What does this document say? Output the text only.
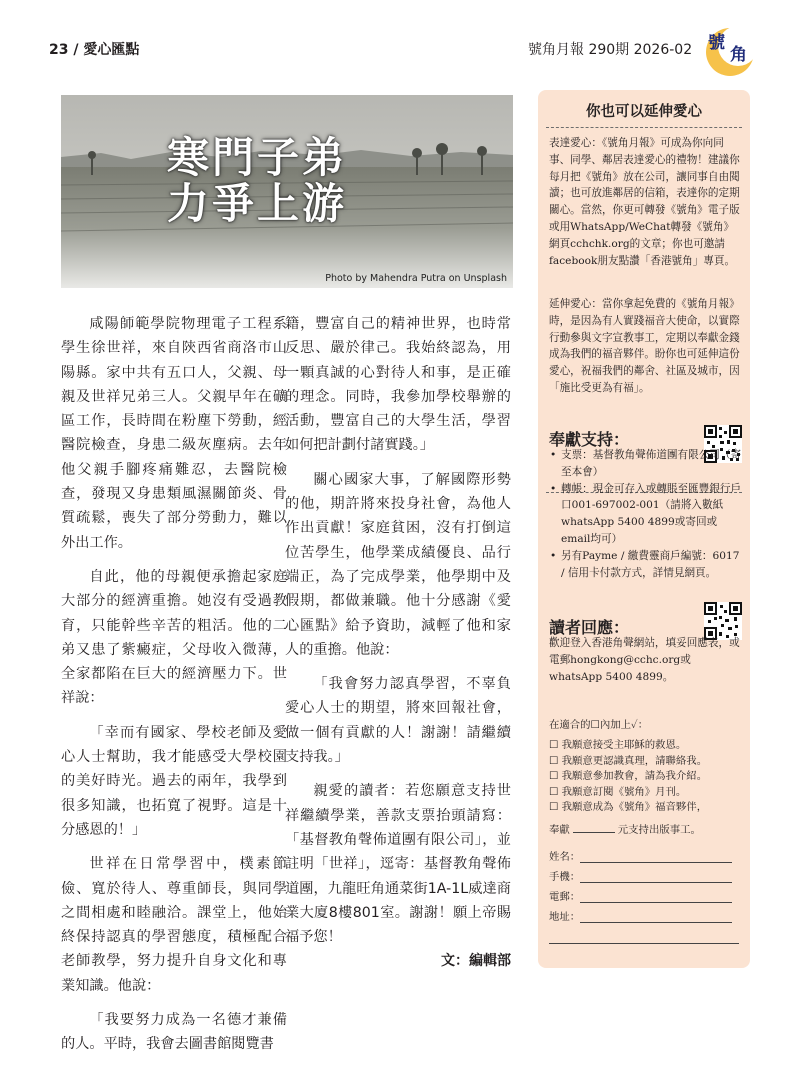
23 / 愛心匯點	號角月報 290期 2026-02 號
角
寒門子弟
力爭上游
Photo by Mahendra Putra on Unsplash

咸陽師範學院物理電子工程系學生徐世祥，來自陝西省商洛市山陽縣。家中共有五口人，父親、母親及世祥兄弟三人。父親早年在礦區工作，長時間在粉塵下勞動，經醫院檢查，身患二級灰塵病。去年他父親手腳疼痛難忍，去醫院檢查，發現又身患類風濕關節炎、骨質疏鬆，喪失了部分勞動力，難以外出工作。

自此，他的母親便承擔起家庭大部分的經濟重擔。她沒有受過教育，只能幹些辛苦的粗活。他的二弟又患了紫癜症，父母收入微薄，全家都陷在巨大的經濟壓力下。世祥說：

「幸而有國家、學校老師及愛心人士幫助，我才能感受大學校園的美好時光。過去的兩年，我學到很多知識，也拓寬了視野。這是十分感恩的！」

世祥在日常學習中，樸素節儉、寬於待人、尊重師長，與同學之間相處和睦融洽。課堂上，他始終保持認真的學習態度，積極配合老師教學，努力提升自身文化和專業知識。他說：

「我要努力成為一名德才兼備的人。平時，我會去圖書館閱覽書

籍，豐富自己的精神世界，也時常反思、嚴於律己。我始終認為，用一顆真誠的心對待人和事，是正確的理念。同時，我參加學校舉辦的活動，豐富自己的大學生活，學習如何把計劃付諸實踐。」

關心國家大事，了解國際形勢的他，期許將來投身社會，為他人作出貢獻！家庭貧困，沒有打倒這位苦學生，他學業成績優良、品行端正，為了完成學業，他學期中及假期，都做兼職。他十分感謝《愛心匯點》給予資助，減輕了他和家人的重擔。他說：

「我會努力認真學習，不辜負愛心人士的期望，將來回報社會，做一個有貢獻的人！謝謝！請繼續支持我。」

親愛的讀者：若您願意支持世祥繼續學業，善款支票抬頭請寫：「基督教角聲佈道團有限公司」，並註明「世祥」，逕寄：基督教角聲佈道團，九龍旺角通菜街1A-1L威達商業大廈8樓801室。謝謝！願上帝賜福予您！

文：編輯部
你也可以延伸愛心
表達愛心：《號角月報》可成為你向同事、同學、鄰居表達愛心的禮物！建議你每月把《號角》放在公司，讓同事自由閱讀；也可放進鄰居的信箱，表達你的定期關心。當然，你更可轉發《號角》電子版或用WhatsApp/WeChat轉發《號角》網頁cchchk.org的文章；你也可邀請facebook朋友點讚「香港號角」專頁。
延伸愛心：當你拿起免費的《號角月報》時，是因為有人實踐福音大使命，以實際行動參與文字宣教事工，定期以奉獻金錢成為我們的福音夥伴。盼你也可延伸這份愛心，祝福我們的鄰舍、社區及城市，因「施比受更為有福」。
奉獻支持：
• 支票：基督教角聲佈道團有限公司（寄至本會）
• 轉帳：現金可存入或轉賬至匯豐銀行戶口001-697002-001（請將入數紙whatsApp 5400 4899或寄回或email均可）
• 另有Payme / 繳費靈商戶編號：6017 / 信用卡付款方式，詳情見網頁。
讀者回應：
歡迎登入香港角聲網站，填妥回應表，或電郵hongkong@cchc.org或whatsApp 5400 4899。
在適合的☐內加上✓：
☐ 我願意接受主耶穌的救恩。
☐ 我願意更認識真理，請聯絡我。
☐ 我願意參加教會，請為我介紹。
☐ 我願意訂閱《號角》月刊。
☐ 我願意成為《號角》福音夥伴，
奉獻	元支持出版事工。
姓名：
手機：
電郵：
地址：
